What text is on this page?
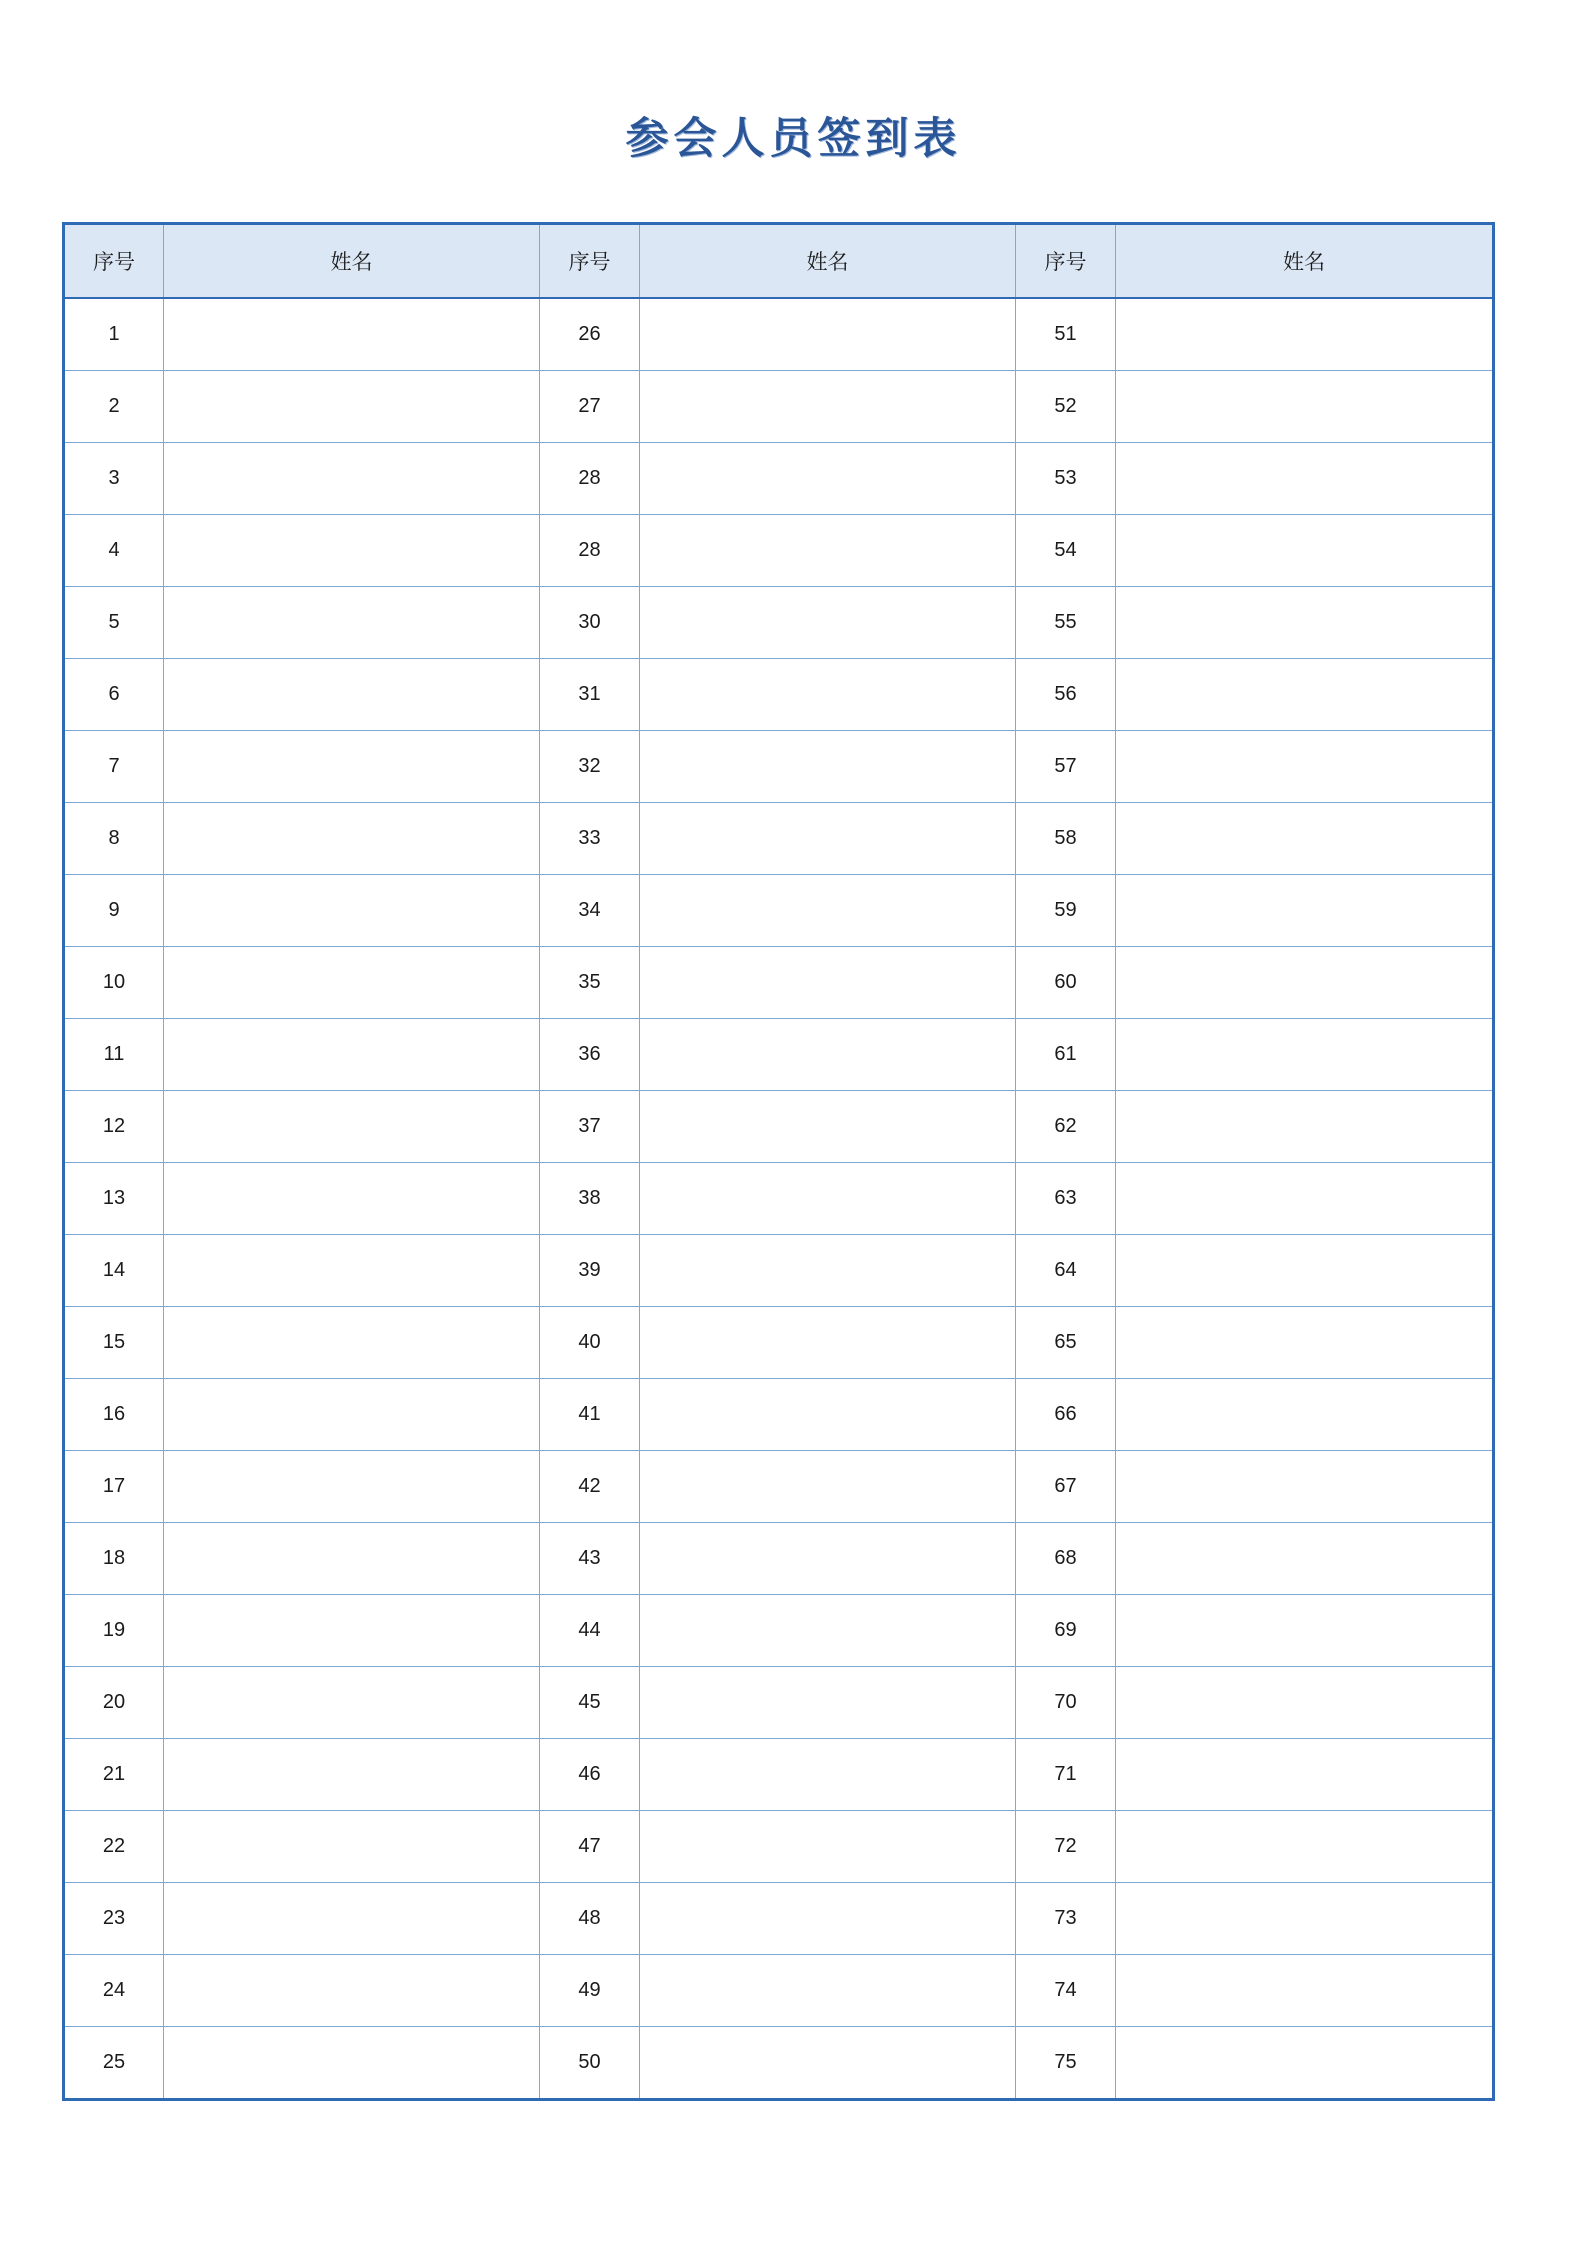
参会人员签到表
序号	姓名	序号	姓名	序号	姓名
1		26		51	
2		27		52	
3		28		53	
4		28		54	
5		30		55	
6		31		56	
7		32		57	
8		33		58	
9		34		59	
10		35		60	
11		36		61	
12		37		62	
13		38		63	
14		39		64	
15		40		65	
16		41		66	
17		42		67	
18		43		68	
19		44		69	
20		45		70	
21		46		71	
22		47		72	
23		48		73	
24		49		74	
25		50		75	
